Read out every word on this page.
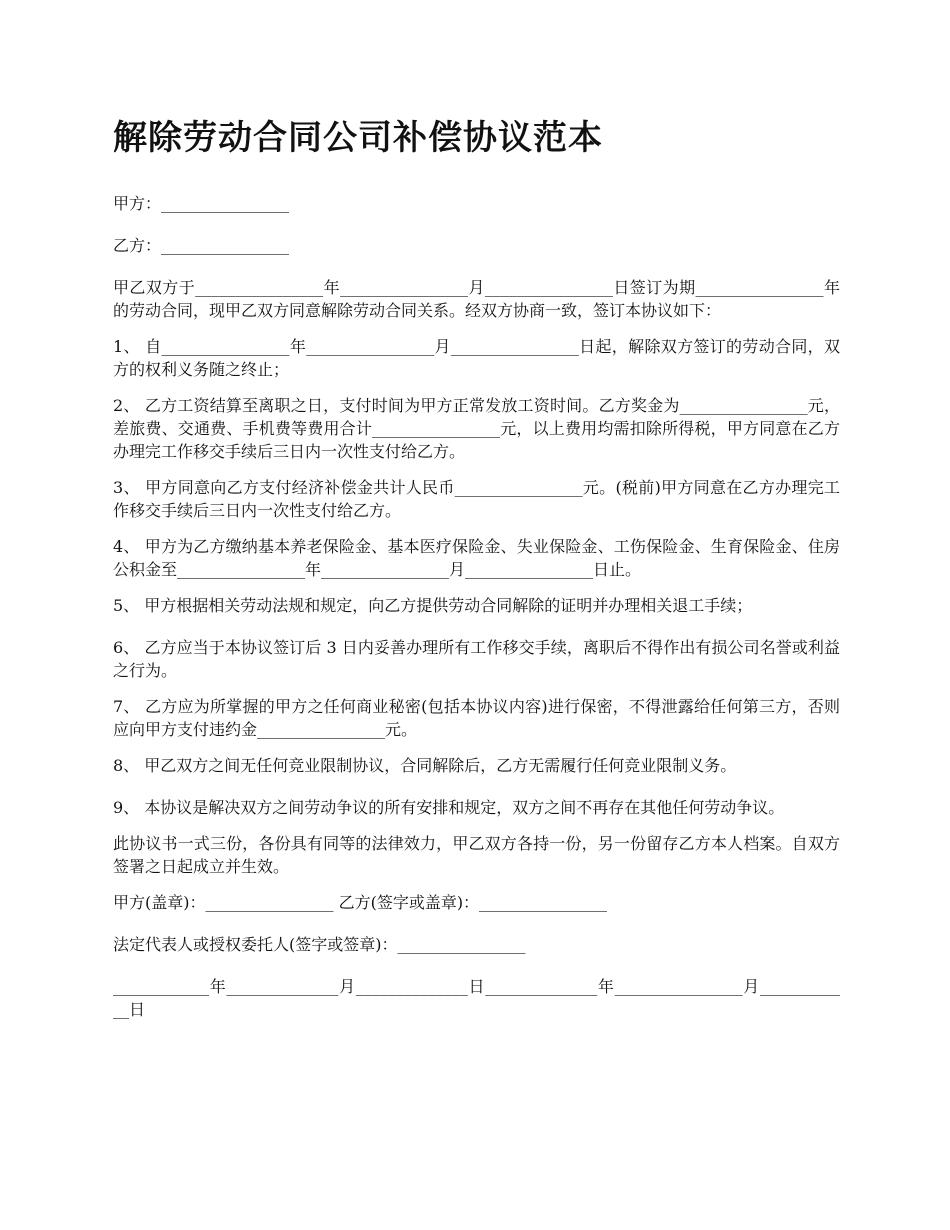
解除劳动合同公司补偿协议范本

甲方：________________

乙方：________________

甲乙双方于________________年________________月________________日签订为期________________年的劳动合同，现甲乙双方同意解除劳动合同关系。经双方协商一致，签订本协议如下：

1、 自________________年________________月________________日起，解除双方签订的劳动合同，双方的权利义务随之终止；

2、 乙方工资结算至离职之日，支付时间为甲方正常发放工资时间。乙方奖金为________________元，差旅费、交通费、手机费等费用合计________________元，以上费用均需扣除所得税，甲方同意在乙方办理完工作移交手续后三日内一次性支付给乙方。

3、 甲方同意向乙方支付经济补偿金共计人民币________________元。(税前)甲方同意在乙方办理完工作移交手续后三日内一次性支付给乙方。

4、 甲方为乙方缴纳基本养老保险金、基本医疗保险金、失业保险金、工伤保险金、生育保险金、住房公积金至________________年________________月________________日止。

5、 甲方根据相关劳动法规和规定，向乙方提供劳动合同解除的证明并办理相关退工手续；

6、 乙方应当于本协议签订后 3 日内妥善办理所有工作移交手续，离职后不得作出有损公司名誉或利益之行为。

7、 乙方应为所掌握的甲方之任何商业秘密(包括本协议内容)进行保密，不得泄露给任何第三方，否则应向甲方支付违约金________________元。

8、 甲乙双方之间无任何竞业限制协议，合同解除后，乙方无需履行任何竞业限制义务。

9、 本协议是解决双方之间劳动争议的所有安排和规定，双方之间不再存在其他任何劳动争议。

此协议书一式三份，各份具有同等的法律效力，甲乙双方各持一份，另一份留存乙方本人档案。自双方签署之日起成立并生效。

甲方(盖章)：________________ 乙方(签字或盖章)：________________

法定代表人或授权委托人(签字或签章)：________________

____________年______________月______________日______________年________________月____________日
